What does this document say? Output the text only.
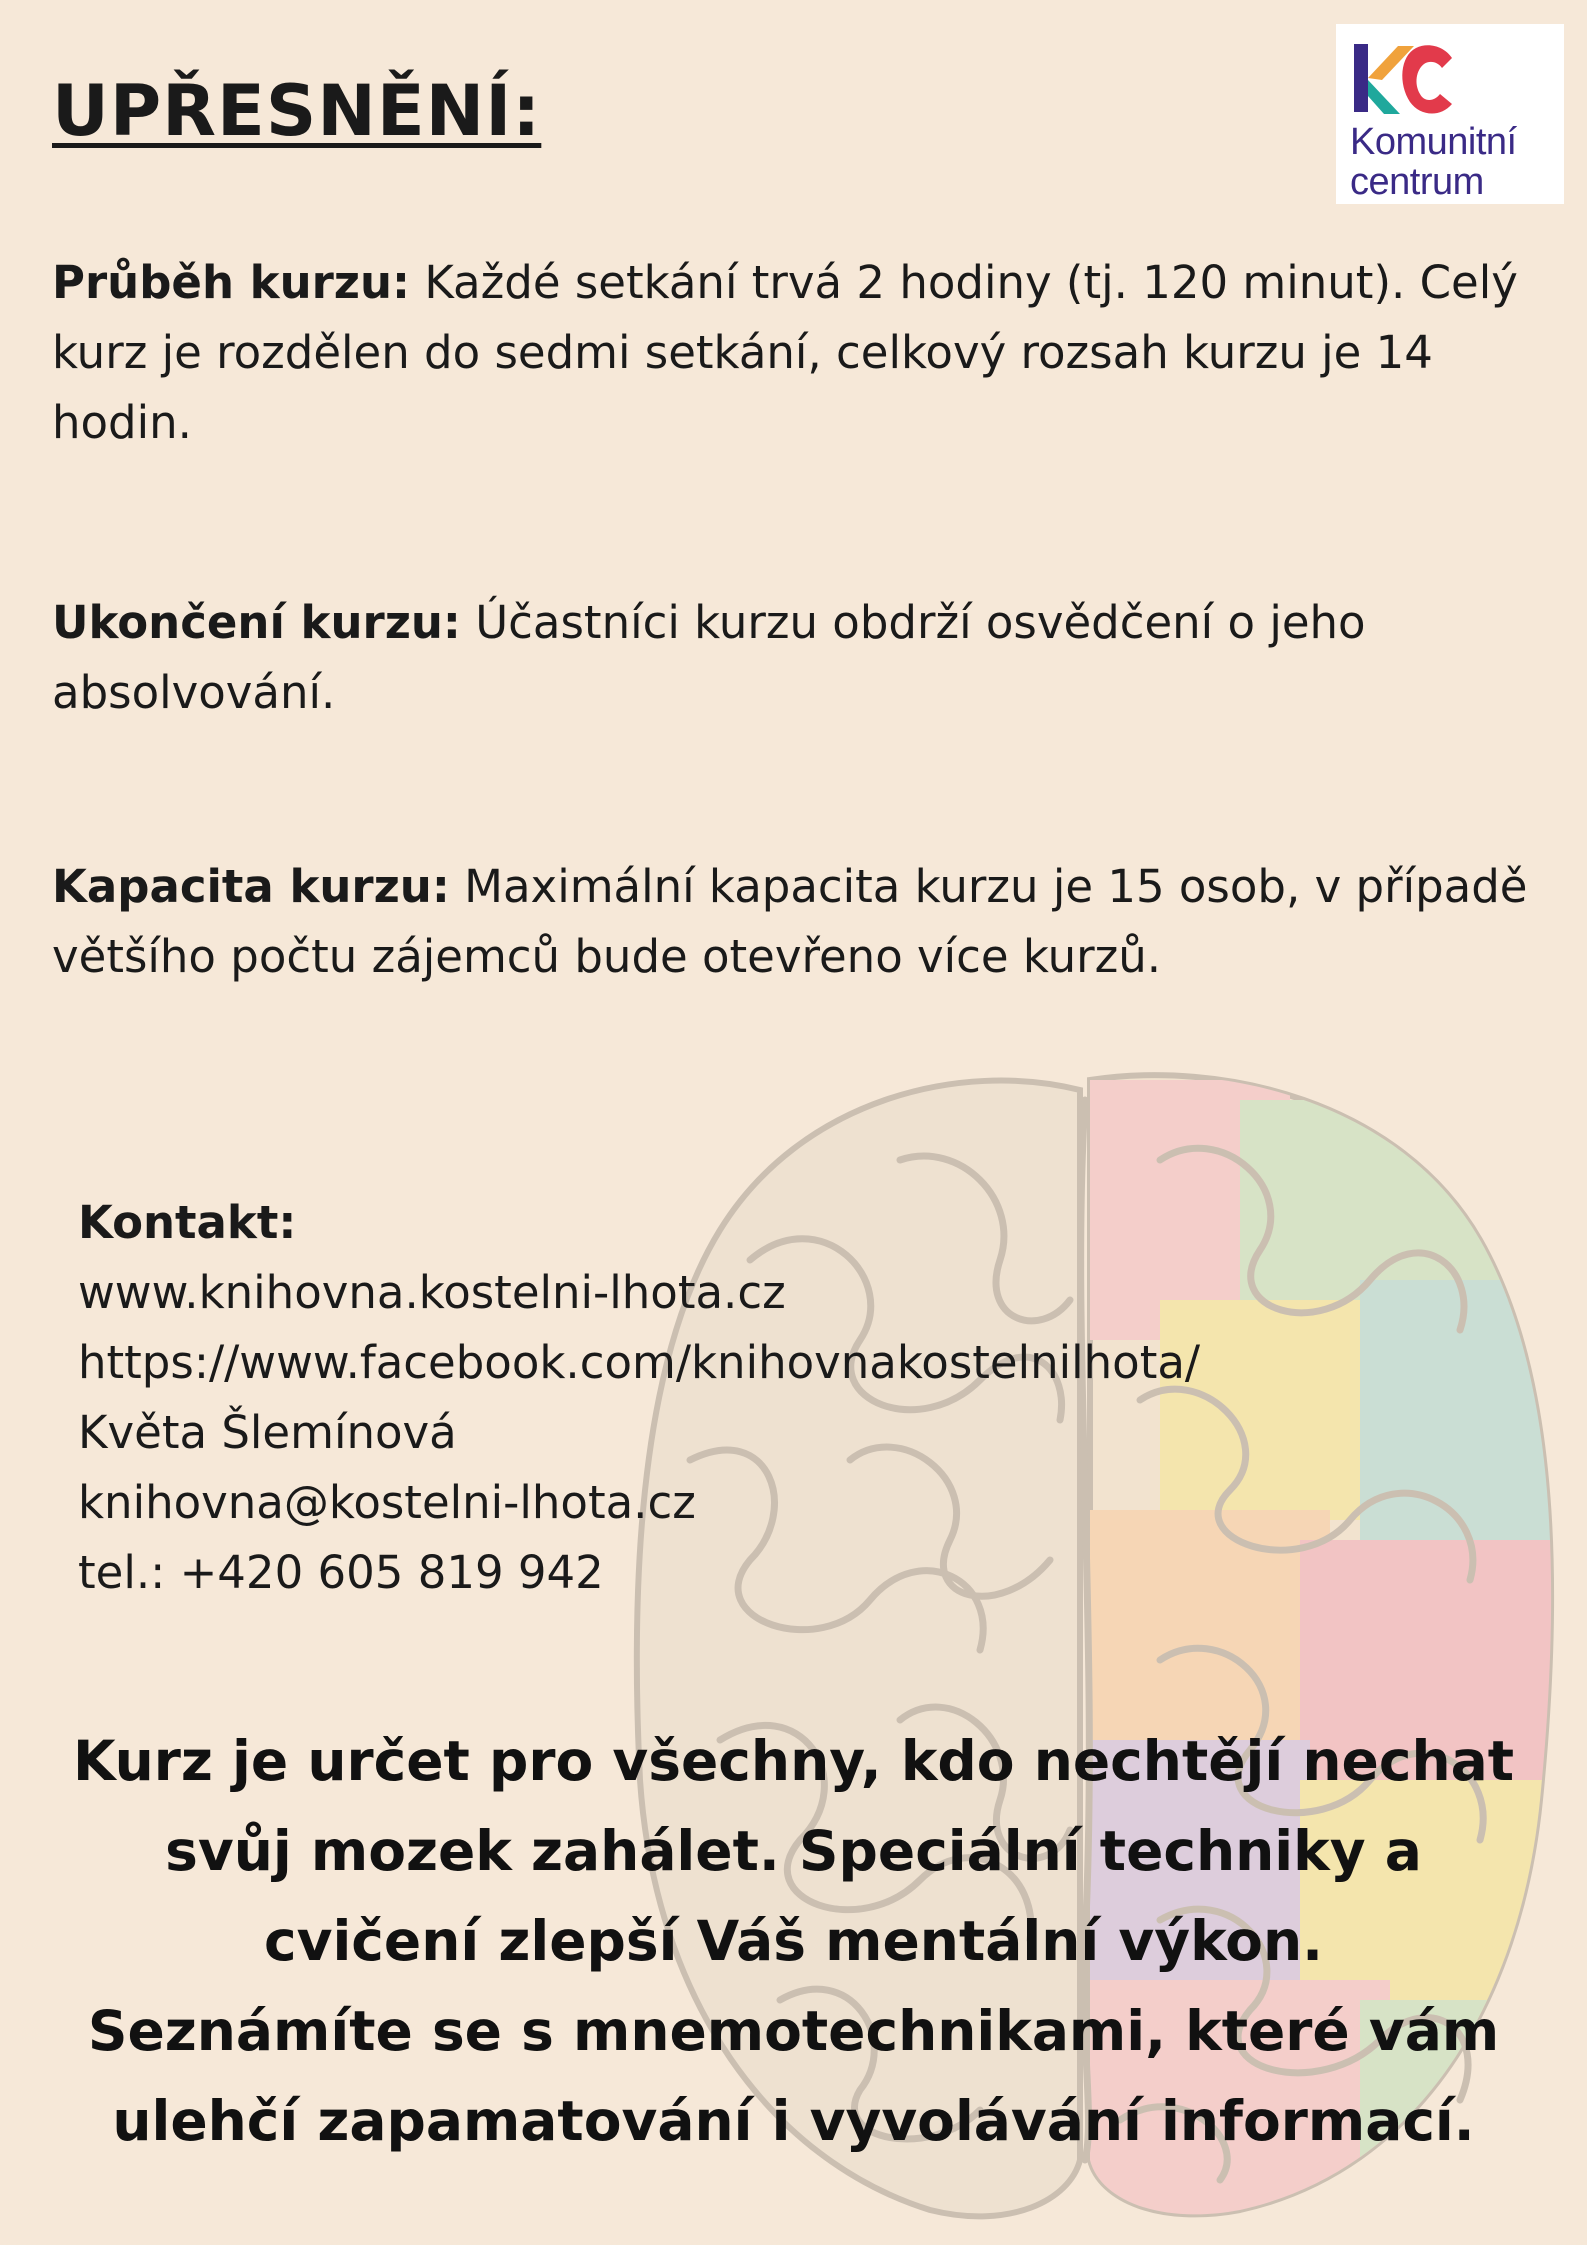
Komunitní
centrum
UPŘESNĚNÍ:

Průběh kurzu: Každé setkání trvá 2 hodiny (tj. 120 minut). Celý kurz je rozdělen do sedmi setkání, celkový rozsah kurzu je 14 hodin.

Ukončení kurzu: Účastníci kurzu obdrží osvědčení o jeho absolvování.

Kapacita kurzu: Maximální kapacita kurzu je 15 osob, v případě většího počtu zájemců bude otevřeno více kurzů.

Kontakt:
www.knihovna.kostelni-lhota.cz
https://www.facebook.com/knihovnakostelnilhota/
Květa Šlemínová
knihovna@kostelni-lhota.cz
tel.: +420 605 819 942
Kurz je určet pro všechny, kdo nechtějí nechat
svůj mozek zahálet. Speciální techniky a
cvičení zlepší Váš mentální výkon.
Seznámíte se s mnemotechnikami, které vám
ulehčí zapamatování i vyvolávání informací.
